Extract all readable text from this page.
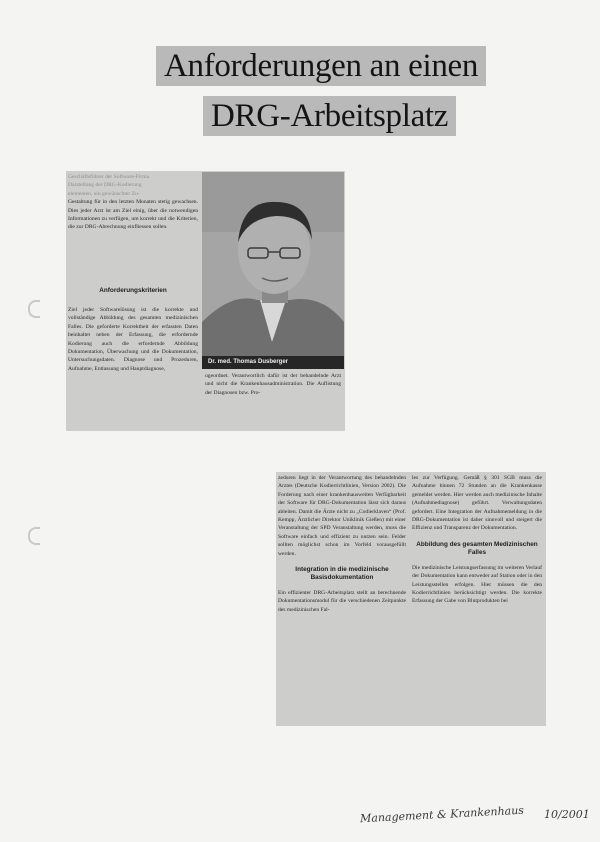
Anforderungen an einen
DRG-Arbeitsplatz

Geschäftsführer der Software-Firma

Darstellung der DRG-Kodierung

elementen, ein gewünschter Zu-

Gestaltung für in den letzten Monaten stetig gewachsen. Dies jeder Arzt ist am Ziel einig, über die notwendigen Informationen zu verfügen, um korrekt und die Kriterien, die zur DRG-Abrechnung einfliessen sollen.

Dr. med. Thomas Dusberger
Anforderungskriterien

Ziel jeder Softwarelösung ist die korrekte und vollständige Abbildung des gesamten medizinischen Falles. Die geforderte Korrektheit der erfassten Daten beinhaltet neben der Erfassung, die erfordernde Kodierung auch die erfordernde Abbildung Dokumentation, Überwachung und die Dokumentation, Untersuchungsdaten. Diagnose und Prozeduren, Aufnahme, Entlassung und Hauptdiagnose,

ugeordnet. Verantwortlich dafür ist der behandelnde Arzt und nicht die Krankenhausadministration. Die Auflistung der Diagnosen bzw. Pro-

zeduren liegt in der Verantwortung des behandelnden Arztes (Deutsche Kodierrichtlinien, Version 2002). Die Forderung nach einer krankenhausweiten Verfügbarkeit der Software für DRG-Dokumentation lässt sich daraus ableiten. Damit die Ärzte nicht zu „Codierklaven“ (Prof. Kempp, Ärztlicher Direktor Uniklinik Gießen) mit einer Veranstaltung der SPD Veranstaltung werden, muss die Software einfach und effizient zu nutzen sein. Felder sollten möglichst schon im Vorfeld vorausgefüllt werden.

Integration in die medizinische Basisdokumentation

Ein effizienter DRG-Arbeitsplatz stellt an berechnende Dokumentationsmodul für die verschiedenen Zeitpunkte des medizinischen Fal-

les zur Verfügung. Gemäß § 301 SGB muss die Aufnahme binnen 72 Stunden an die Krankenkasse gemeldet werden. Hier werden auch medizinische Inhalte (Aufnahmediagnose) geführt. Verwaltungsdaten gefordert. Eine Integration der Aufnahmemeldung in die DRG-Dokumentation ist daher sinnvoll und steigert die Effizienz und Transparenz der Dokumentation.

Abbildung des gesamten Medizinischen Falles

Die medizinische Leistungserfassung im weiteren Verlauf der Dokumentation kann entweder auf Station oder in den Leistungsstellen erfolgen. Hier müssen die den Kodierrichtlinien berücksichtigt werden. Die korrekte Erfassung der Gabe von Blutprodukten bei

Management & Krankenhaus 10/2001
